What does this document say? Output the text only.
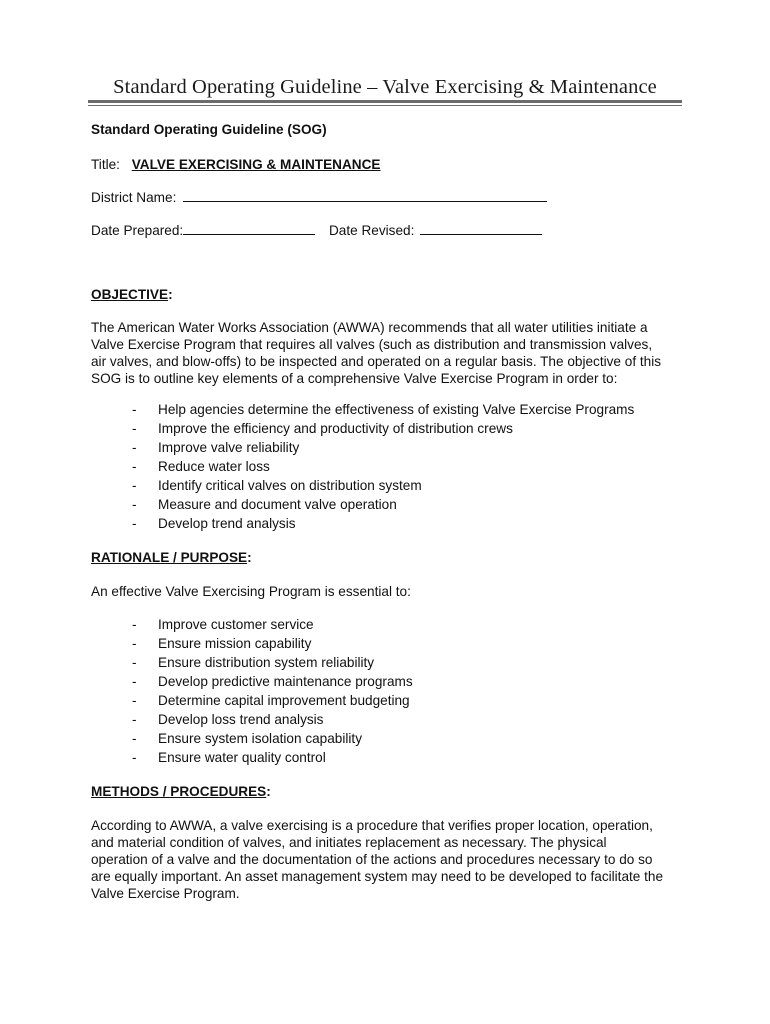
Standard Operating Guideline – Valve Exercising & Maintenance
Standard Operating Guideline (SOG)
Title: VALVE EXERCISING & MAINTENANCE
District Name:
Date Prepared:	Date Revised:
OBJECTIVE:
The American Water Works Association (AWWA) recommends that all water utilities initiate a
Valve Exercise Program that requires all valves (such as distribution and transmission valves,
air valves, and blow-offs) to be inspected and operated on a regular basis. The objective of this
SOG is to outline key elements of a comprehensive Valve Exercise Program in order to:
- Help agencies determine the effectiveness of existing Valve Exercise Programs
- Improve the efficiency and productivity of distribution crews
- Improve valve reliability
- Reduce water loss
- Identify critical valves on distribution system
- Measure and document valve operation
- Develop trend analysis
RATIONALE / PURPOSE:
An effective Valve Exercising Program is essential to:
- Improve customer service
- Ensure mission capability
- Ensure distribution system reliability
- Develop predictive maintenance programs
- Determine capital improvement budgeting
- Develop loss trend analysis
- Ensure system isolation capability
- Ensure water quality control
METHODS / PROCEDURES:
According to AWWA, a valve exercising is a procedure that verifies proper location, operation,
and material condition of valves, and initiates replacement as necessary. The physical
operation of a valve and the documentation of the actions and procedures necessary to do so
are equally important. An asset management system may need to be developed to facilitate the
Valve Exercise Program.
